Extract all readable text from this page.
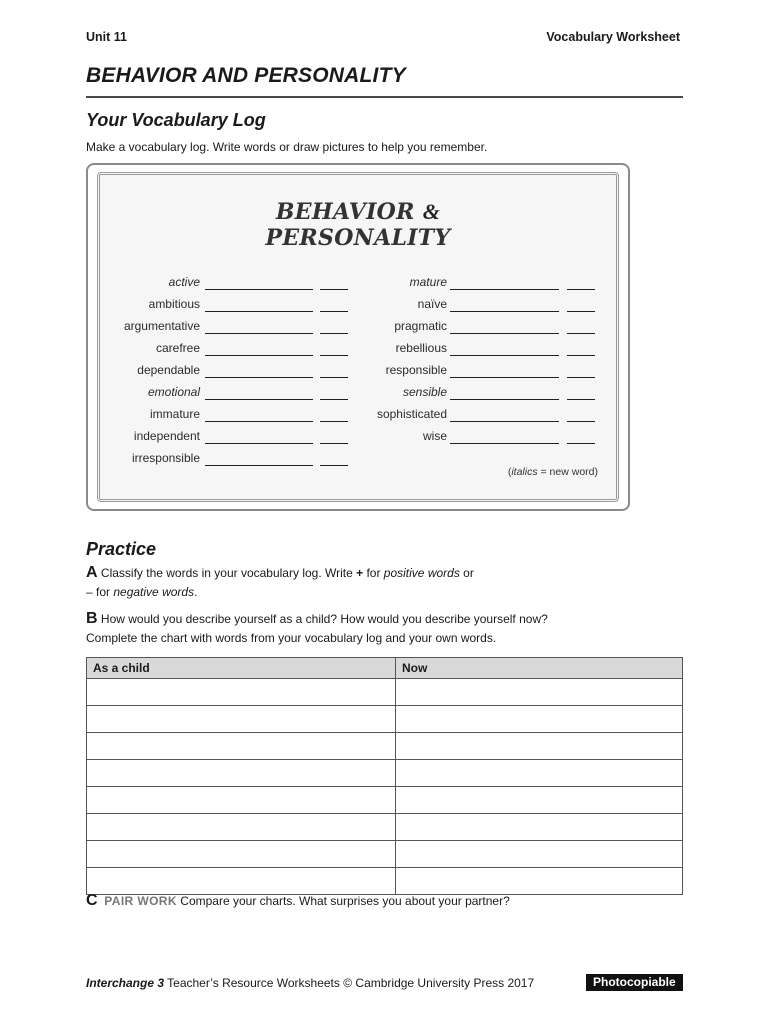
Unit 11	Vocabulary Worksheet
BEHAVIOR AND PERSONALITY
Your Vocabulary Log
Make a vocabulary log. Write words or draw pictures to help you remember.
BEHAVIOR &
PERSONALITY
active
ambitious
argumentative
carefree
dependable
emotional
immature
independent
irresponsible
mature
naïve
pragmatic
rebellious
responsible
sensible
sophisticated
wise
(italics = new word)
Practice
A Classify the words in your vocabulary log. Write + for positive words or
– for negative words.
B How would you describe yourself as a child? How would you describe yourself now?
Complete the chart with words from your vocabulary log and your own words.
As a child	Now

C PAIR WORK Compare your charts. What surprises you about your partner?
Interchange 3 Teacher’s Resource Worksheets © Cambridge University Press 2017	Photocopiable
